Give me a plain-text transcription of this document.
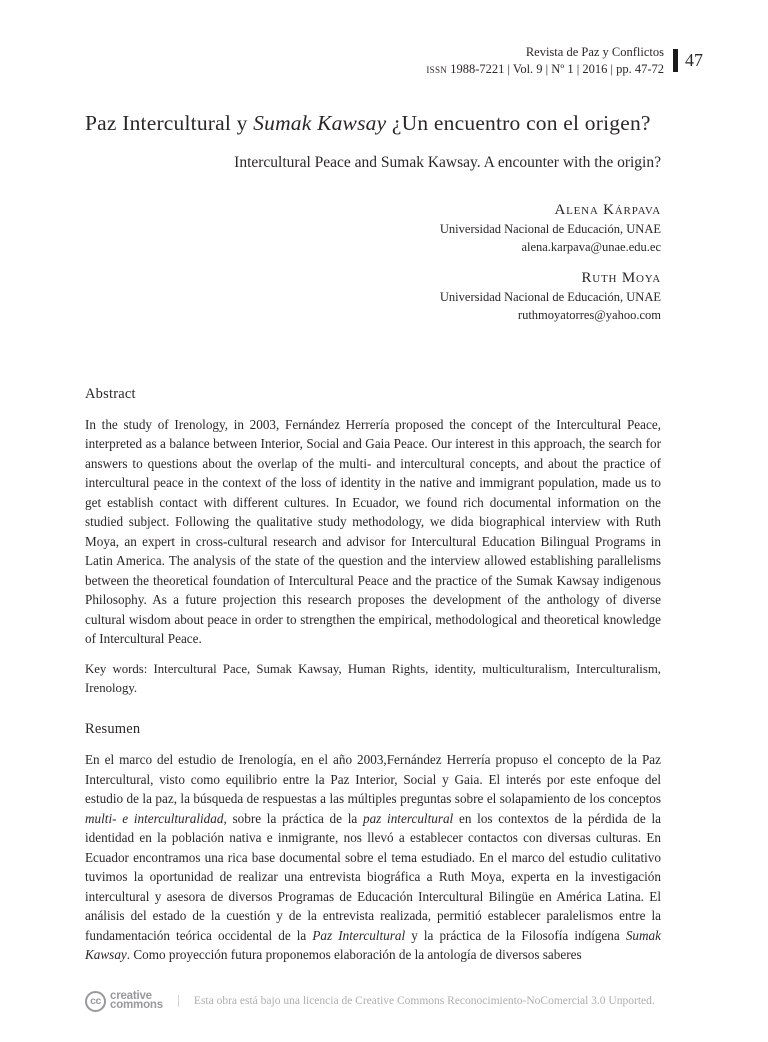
Revista de Paz y Conflictos
issn 1988-7221 | Vol. 9 | Nº 1 | 2016 | pp. 47-72 47
Paz Intercultural y Sumak Kawsay ¿Un encuentro con el origen?
Intercultural Peace and Sumak Kawsay. A encounter with the origin?
Alena Kárpava
Universidad Nacional de Educación, UNAE
alena.karpava@unae.edu.ec
Ruth Moya
Universidad Nacional de Educación, UNAE
ruthmoyatorres@yahoo.com
Abstract

In the study of Irenology, in 2003, Fernández Herrería proposed the concept of the Intercultural Peace, interpreted as a balance between Interior, Social and Gaia Peace. Our interest in this approach, the search for answers to questions about the overlap of the multi- and intercultural concepts, and about the practice of intercultural peace in the context of the loss of identity in the native and immigrant population, made us to get establish contact with different cultures. In Ecuador, we found rich documental information on the studied subject. Following the qualitative study methodology, we dida biographical interview with Ruth Moya, an expert in cross-cultural research and advisor for Intercultural Education Bilingual Programs in Latin America. The analysis of the state of the question and the interview allowed establishing parallelisms between the theoretical foundation of Intercultural Peace and the practice of the Sumak Kawsay indigenous Philosophy. As a future projection this research proposes the development of the anthology of diverse cultural wisdom about peace in order to strengthen the empirical, methodological and theoretical knowledge of Intercultural Peace.

Key words: Intercultural Pace, Sumak Kawsay, Human Rights, identity, multiculturalism, Interculturalism, Irenology.

Resumen

En el marco del estudio de Irenología, en el año 2003,Fernández Herrería propuso el concepto de la Paz Intercultural, visto como equilibrio entre la Paz Interior, Social y Gaia. El interés por este enfoque del estudio de la paz, la búsqueda de respuestas a las múltiples preguntas sobre el solapamiento de los conceptos multi- e interculturalidad, sobre la práctica de la paz intercultural en los contextos de la pérdida de la identidad en la población nativa e inmigrante, nos llevó a establecer contactos con diversas culturas. En Ecuador encontramos una rica base documental sobre el tema estudiado. En el marco del estudio culitativo tuvimos la oportunidad de realizar una entrevista biográfica a Ruth Moya, experta en la investigación intercultural y asesora de diversos Programas de Educación Intercultural Bilingüe en América Latina. El análisis del estado de la cuestión y de la entrevista realizada, permitió establecer paralelismos entre la fundamentación teórica occidental de la Paz Intercultural y la práctica de la Filosofía indígena Sumak Kawsay. Como proyección futura proponemos elaboración de la antología de diversos saberes

cc creative
commons	Esta obra está bajo una licencia de Creative Commons Reconocimiento-NoComercial 3.0 Unported.
